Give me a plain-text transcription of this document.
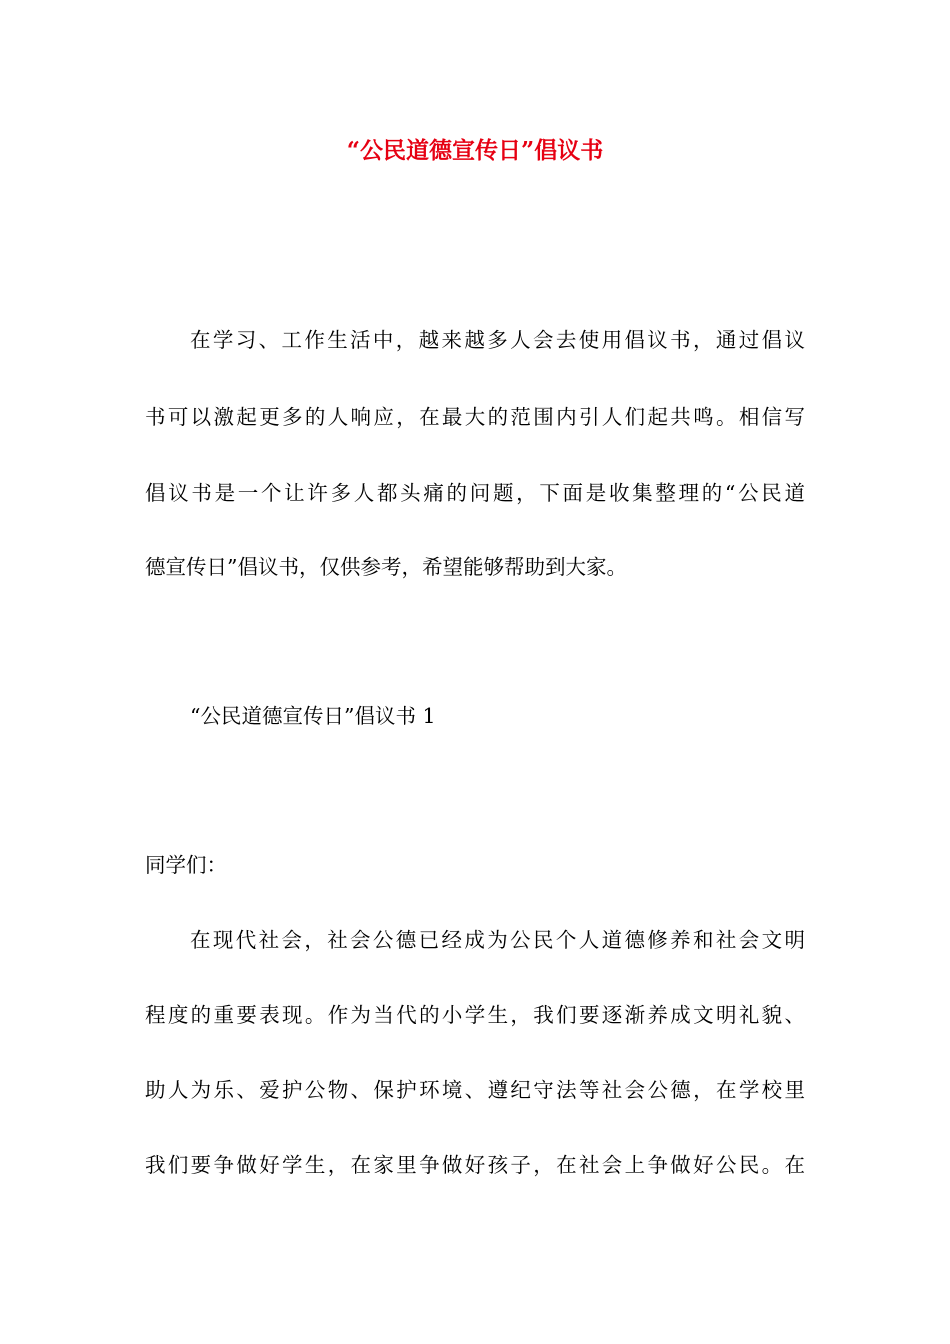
“公民道德宣传日”倡议书
在学习、工作生活中，越来越多人会去使用倡议书，通过倡议
书可以激起更多的人响应，在最大的范围内引人们起共鸣。相信写
倡议书是一个让许多人都头痛的问题，下面是收集整理的“公民道
德宣传日”倡议书，仅供参考，希望能够帮助到大家。
“公民道德宣传日”倡议书 1
同学们：
在现代社会，社会公德已经成为公民个人道德修养和社会文明
程度的重要表现。作为当代的小学生，我们要逐渐养成文明礼貌、
助人为乐、爱护公物、保护环境、遵纪守法等社会公德，在学校里
我们要争做好学生，在家里争做好孩子，在社会上争做好公民。在
